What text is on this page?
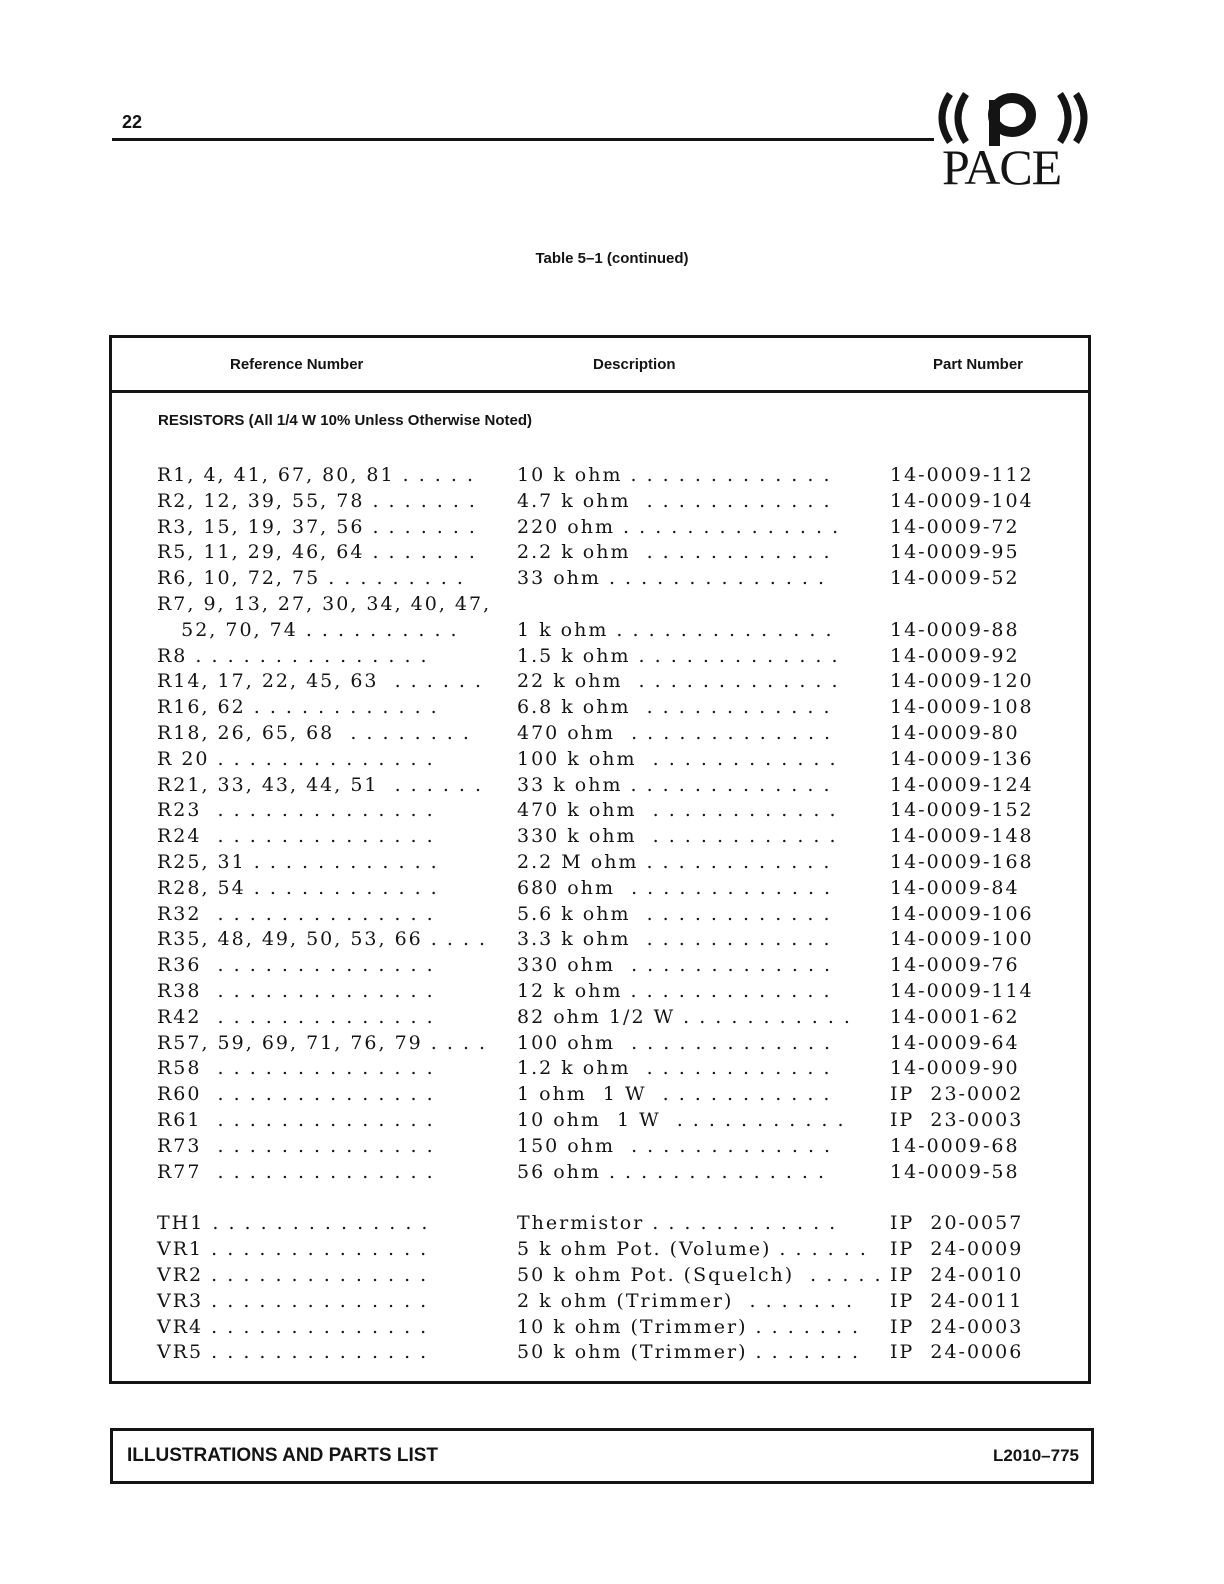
22
PACE
Table 5–1 (continued)
Reference Number	Description	Part Number
RESISTORS (All 1/4 W 10% Unless Otherwise Noted)
R1, 4, 41, 67, 80, 81 . . . . . 10 k ohm . . . . . . . . . . . . .	14-0009-112
R2, 12, 39, 55, 78 . . . . . . . 4.7 k ohm  . . . . . . . . . . . .	14-0009-104
R3, 15, 19, 37, 56 . . . . . . . 220 ohm . . . . . . . . . . . . . .	14-0009-72
R5, 11, 29, 46, 64 . . . . . . . 2.2 k ohm  . . . . . . . . . . . .	14-0009-95
R6, 10, 72, 75 . . . . . . . . .	33 ohm . . . . . . . . . . . . . .	14-0009-52
R7, 9, 13, 27, 30, 34, 40, 47,
52, 70, 74 . . . . . . . . . .	1 k ohm . . . . . . . . . . . . . .	14-0009-88
R8 . . . . . . . . . . . . . . .	1.5 k ohm . . . . . . . . . . . . .	14-0009-92
R14, 17, 22, 45, 63  . . . . . . 22 k ohm  . . . . . . . . . . . . .	14-0009-120
R16, 62 . . . . . . . . . . . .	6.8 k ohm  . . . . . . . . . . . .	14-0009-108
R18, 26, 65, 68  . . . . . . . . 470 ohm  . . . . . . . . . . . . .	14-0009-80
R 20 . . . . . . . . . . . . . .	100 k ohm  . . . . . . . . . . . .	14-0009-136
R21, 33, 43, 44, 51  . . . . . . 33 k ohm . . . . . . . . . . . . .	14-0009-124
R23  . . . . . . . . . . . . . .	470 k ohm  . . . . . . . . . . . .	14-0009-152
R24  . . . . . . . . . . . . . .	330 k ohm  . . . . . . . . . . . .	14-0009-148
R25, 31 . . . . . . . . . . . .	2.2 M ohm . . . . . . . . . . . .	14-0009-168
R28, 54 . . . . . . . . . . . .	680 ohm  . . . . . . . . . . . . .	14-0009-84
R32  . . . . . . . . . . . . . .	5.6 k ohm  . . . . . . . . . . . .	14-0009-106
R35, 48, 49, 50, 53, 66 . . . . 3.3 k ohm  . . . . . . . . . . . .	14-0009-100
R36  . . . . . . . . . . . . . .	330 ohm  . . . . . . . . . . . . .	14-0009-76
R38  . . . . . . . . . . . . . .	12 k ohm . . . . . . . . . . . . .	14-0009-114
R42  . . . . . . . . . . . . . .	82 ohm 1/2 W . . . . . . . . . . . 14-0001-62
R57, 59, 69, 71, 76, 79 . . . . 100 ohm  . . . . . . . . . . . . .	14-0009-64
R58  . . . . . . . . . . . . . .	1.2 k ohm  . . . . . . . . . . . .	14-0009-90
R60  . . . . . . . . . . . . . .	1 ohm  1 W  . . . . . . . . . . .	IP  23-0002
R61  . . . . . . . . . . . . . .	10 ohm  1 W  . . . . . . . . . . . IP  23-0003
R73  . . . . . . . . . . . . . .	150 ohm  . . . . . . . . . . . . .	14-0009-68
R77  . . . . . . . . . . . . . .	56 ohm . . . . . . . . . . . . . .	14-0009-58
TH1 . . . . . . . . . . . . . .	Thermistor . . . . . . . . . . . .	IP  20-0057
VR1 . . . . . . . . . . . . . .	5 k ohm Pot. (Volume) . . . . . . IP  24-0009
VR2 . . . . . . . . . . . . . .	50 k ohm Pot. (Squelch)  . . . . . IP  24-0010
VR3 . . . . . . . . . . . . . .	2 k ohm (Trimmer)  . . . . . . . IP  24-0011
VR4 . . . . . . . . . . . . . .	10 k ohm (Trimmer) . . . . . . . IP  24-0003
VR5 . . . . . . . . . . . . . .	50 k ohm (Trimmer) . . . . . . . IP  24-0006
ILLUSTRATIONS AND PARTS LIST	L2010–775
